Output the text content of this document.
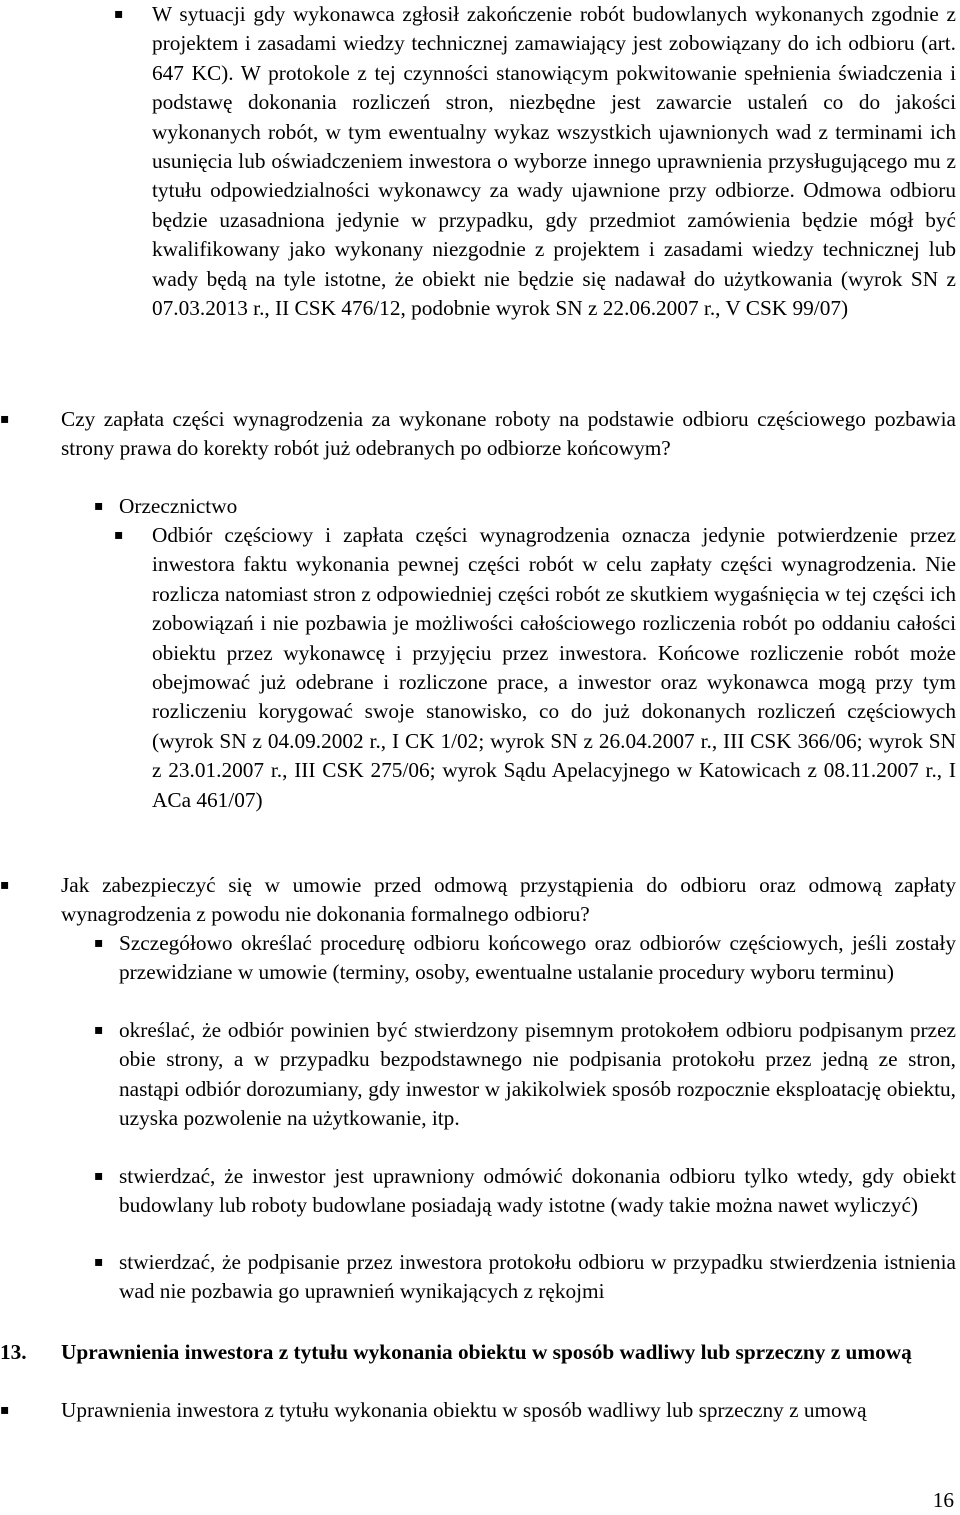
▪
W sytuacji gdy wykonawca zgłosił zakończenie robót budowlanych wykonanych zgodnie z projektem i zasadami wiedzy technicznej zamawiający jest zobowiązany do ich odbioru (art. 647 KC). W protokole z tej czynności stanowiącym pokwitowanie spełnienia świadczenia i podstawę dokonania rozliczeń stron, niezbędne jest zawarcie ustaleń co do jakości wykonanych robót, w tym ewentualny wykaz wszystkich ujawnionych wad z terminami ich usunięcia lub oświadczeniem inwestora o wyborze innego uprawnienia przysługującego mu z tytułu odpowiedzialności wykonawcy za wady ujawnione przy odbiorze. Odmowa odbioru będzie uzasadniona jedynie w przypadku, gdy przedmiot zamówienia będzie mógł być kwalifikowany jako wykonany niezgodnie z projektem i zasadami wiedzy technicznej lub wady będą na tyle istotne, że obiekt nie będzie się nadawał do użytkowania (wyrok SN z 07.03.2013 r., II CSK 476/12, podobnie wyrok SN z 22.06.2007 r., V CSK 99/07)
▪
Czy zapłata części wynagrodzenia za wykonane roboty na podstawie odbioru częściowego pozbawia strony prawa do korekty robót już odebranych po odbiorze końcowym?
▪
Orzecznictwo
▪
Odbiór częściowy i zapłata części wynagrodzenia oznacza jedynie potwierdzenie przez inwestora faktu wykonania pewnej części robót w celu zapłaty części wynagrodzenia. Nie rozlicza natomiast stron z odpowiedniej części robót ze skutkiem wygaśnięcia w tej części ich zobowiązań i nie pozbawia je możliwości całościowego rozliczenia robót po oddaniu całości obiektu przez wykonawcę i przyjęciu przez inwestora. Końcowe rozliczenie robót może obejmować już odebrane i rozliczone prace, a inwestor oraz wykonawca mogą przy tym rozliczeniu korygować swoje stanowisko, co do już dokonanych rozliczeń częściowych (wyrok SN z 04.09.2002 r., I CK 1/02; wyrok SN z 26.04.2007 r., III CSK 366/06; wyrok SN z 23.01.2007 r., III CSK 275/06; wyrok Sądu Apelacyjnego w Katowicach z 08.11.2007 r., I ACa 461/07)
▪
Jak zabezpieczyć się w umowie przed odmową przystąpienia do odbioru oraz odmową zapłaty wynagrodzenia z powodu nie dokonania formalnego odbioru?
▪
Szczegółowo określać procedurę odbioru końcowego oraz odbiorów częściowych, jeśli zostały przewidziane w umowie (terminy, osoby, ewentualne ustalanie procedury wyboru terminu)
▪
określać, że odbiór powinien być stwierdzony pisemnym protokołem odbioru podpisanym przez obie strony, a w przypadku bezpodstawnego nie podpisania protokołu przez jedną ze stron, nastąpi odbiór dorozumiany, gdy inwestor w jakikolwiek sposób rozpocznie eksploatację obiektu, uzyska pozwolenie na użytkowanie, itp.
▪
stwierdzać, że inwestor jest uprawniony odmówić dokonania odbioru tylko wtedy, gdy obiekt budowlany lub roboty budowlane posiadają wady istotne (wady takie można nawet wyliczyć)
▪
stwierdzać, że podpisanie przez inwestora protokołu odbioru w przypadku stwierdzenia istnienia wad nie pozbawia go uprawnień wynikających z rękojmi
13. Uprawnienia inwestora z tytułu wykonania obiektu w sposób wadliwy lub sprzeczny z umową
▪
Uprawnienia inwestora z tytułu wykonania obiektu w sposób wadliwy lub sprzeczny z umową
16
